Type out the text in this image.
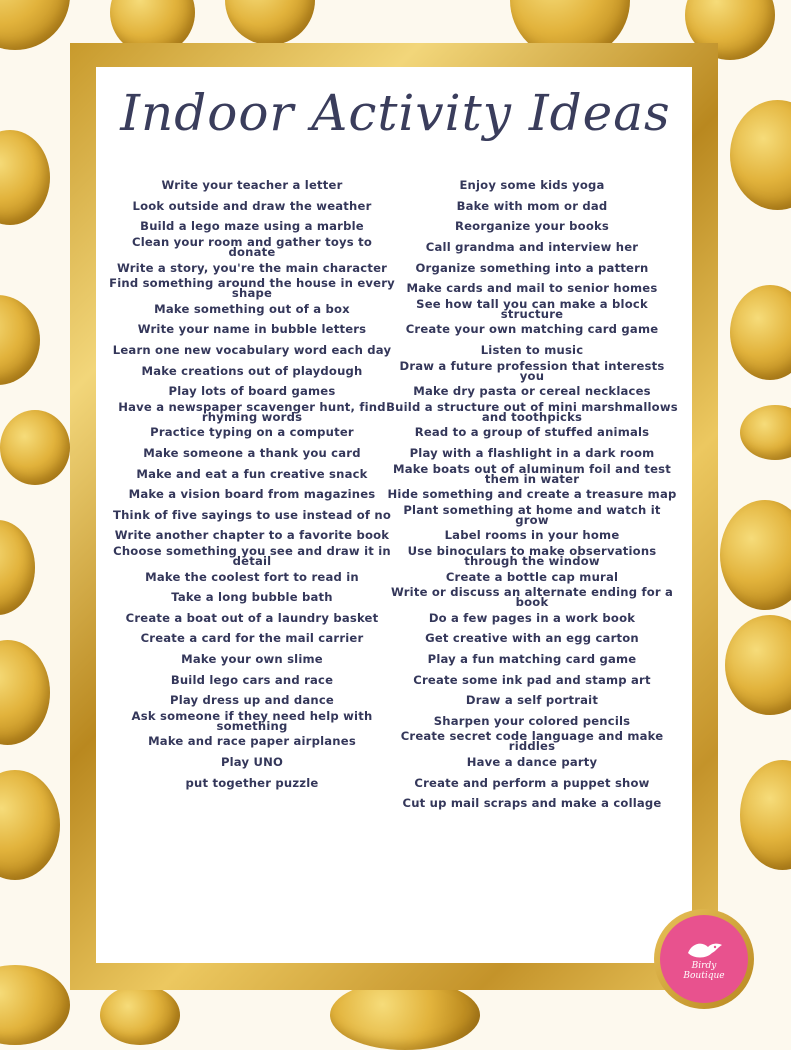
Indoor Activity Ideas
Write your teacher a letter
Look outside and draw the weather
Build a lego maze using a marble
Clean your room and gather toys to donate
Write a story, you're the main character
Find something around the house in every shape
Make something out of a box
Write your name in bubble letters
Learn one new vocabulary word each day
Make creations out of playdough
Play lots of board games
Have a newspaper scavenger hunt, find rhyming words
Practice typing on a computer
Make someone a thank you card
Make and eat a fun creative snack
Make a vision board from magazines
Think of five sayings to use instead of no
Write another chapter to a favorite book
Choose something you see and draw it in detail
Make the coolest fort to read in
Take a long bubble bath
Create a boat out of a laundry basket
Create a card for the mail carrier
Make your own slime
Build lego cars and race
Play dress up and dance
Ask someone if they need help with something
Make and race paper airplanes
Play UNO
put together puzzle
Enjoy some kids yoga
Bake with mom or dad
Reorganize your books
Call grandma and interview her
Organize something into a pattern
Make cards and mail to senior homes
See how tall you can make a block structure
Create your own matching card game
Listen to music
Draw a future profession that interests you
Make dry pasta or cereal necklaces
Build a structure out of mini marshmallows and toothpicks
Read to a group of stuffed animals
Play with a flashlight in a dark room
Make boats out of aluminum foil and test them in water
Hide something and create a treasure map
Plant something at home and watch it grow
Label rooms in your home
Use binoculars to make observations through the window
Create a bottle cap mural
Write or discuss an alternate ending for a book
Do a few pages in a work book
Get creative with an egg carton
Play a fun matching card game
Create some ink pad and stamp art
Draw a self portrait
Sharpen your colored pencils
Create secret code language and make riddles
Have a dance party
Create and perform a puppet show
Cut up mail scraps and make a collage
Birdy
Boutique
